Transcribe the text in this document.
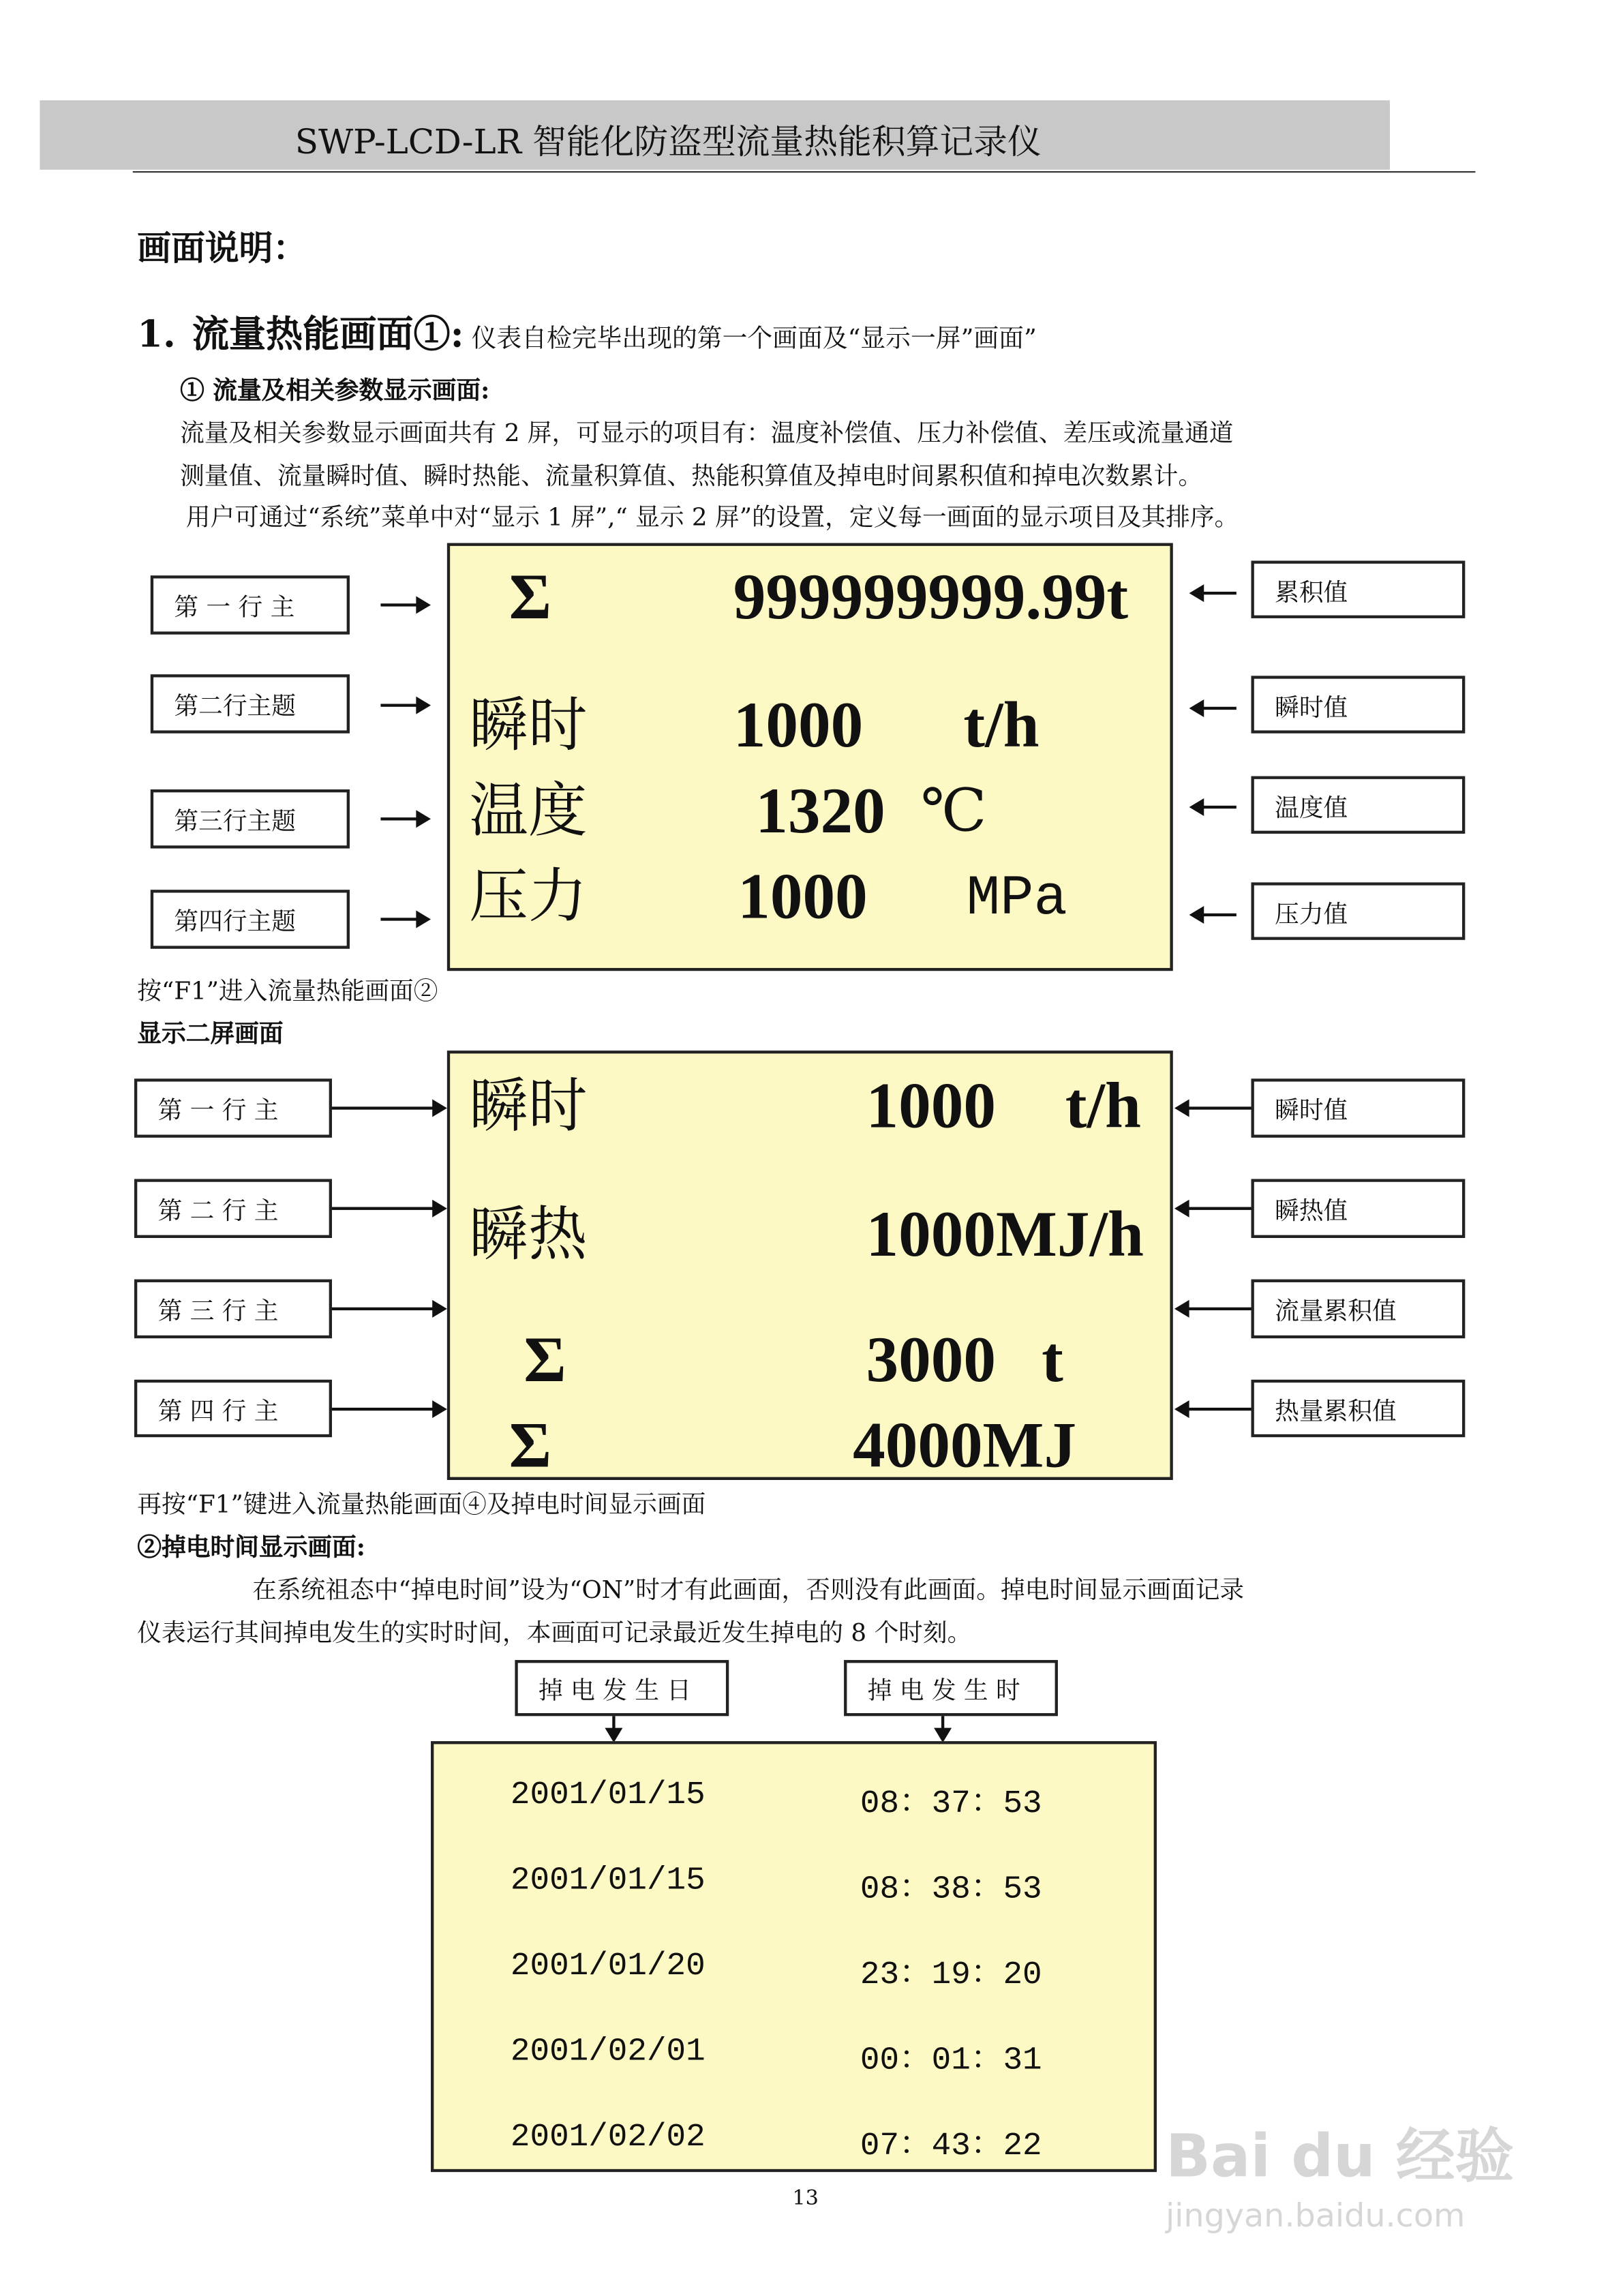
SWP-LCD-LR 智能化防盗型流量热能积算记录仪
画面说明：
1. 流量热能画面①: 仪表自检完毕出现的第一个画面及“显示一屏”画面”
① 流量及相关参数显示画面:
流量及相关参数显示画面共有 2 屏，可显示的项目有：温度补偿值、压力补偿值、差压或流量通道
测量值、流量瞬时值、瞬时热能、流量积算值、热能积算值及掉电时间累积值和掉电次数累计。
用户可通过“系统”菜单中对“显示 1 屏”,“ 显示 2 屏”的设置，定义每一画面的显示项目及其排序。
Σ	999999999.99t
瞬时	1000	t/h
温度	1320 ℃
压力	1000	MPa
第 一 行 主
第二行主题
第三行主题
第四行主题
累积值
瞬时值
温度值
压力值
按“F1”进入流量热能画面②
显示二屏画面
瞬时	1000 t/h
瞬热	1000MJ/h
Σ	3000 t
Σ	4000MJ
第 一 行 主
第 二 行 主
第 三 行 主
第 四 行 主
瞬时值
瞬热值
流量累积值
热量累积值
再按“F1”键进入流量热能画面④及掉电时间显示画面
②掉电时间显示画面:
在系统祖态中“掉电时间”设为“ON”时才有此画面，否则没有此画面。掉电时间显示画面记录
仪表运行其间掉电发生的实时时间，本画面可记录最近发生掉电的 8 个时刻。
掉 电 发 生 日	掉 电 发 生 时
2001/01/15	08：37：53
2001/01/15	08：38：53
2001/01/20	23：19：20
2001/02/01	00：01：31
2001/02/02	07：43：22
13
Bai du 经验
jingyan.baidu.com
